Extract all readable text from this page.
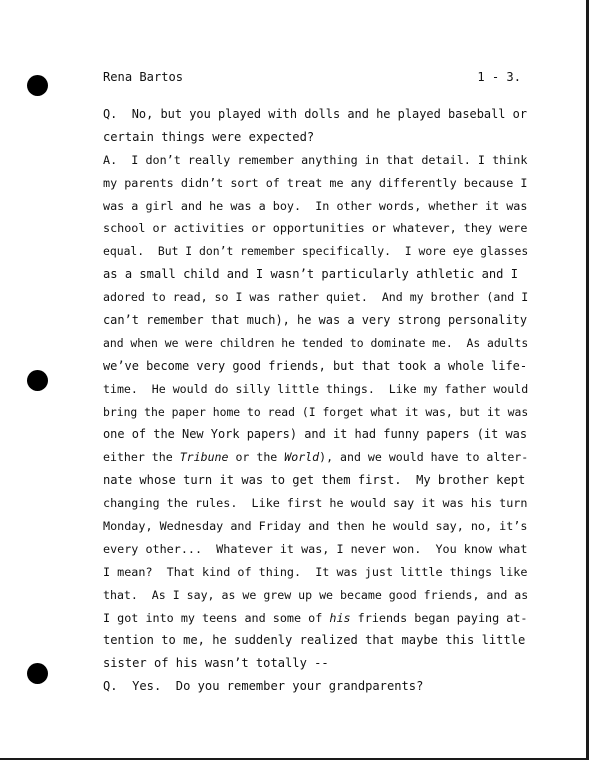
Rena Bartos	1 - 3.
Q.  No, but you played with dolls and he played baseball or
certain things were expected?
A.  I don’t really remember anything in that detail. I think
my parents didn’t sort of treat me any differently because I
was a girl and he was a boy.  In other words, whether it was
school or activities or opportunities or whatever, they were
equal.  But I don’t remember specifically.  I wore eye glasses
as a small child and I wasn’t particularly athletic and I
adored to read, so I was rather quiet.  And my brother (and I
can’t remember that much), he was a very strong personality
and when we were children he tended to dominate me.  As adults
we’ve become very good friends, but that took a whole life-
time.  He would do silly little things.  Like my father would
bring the paper home to read (I forget what it was, but it was
one of the New York papers) and it had funny papers (it was
either the Tribune or the World), and we would have to alter-
nate whose turn it was to get them first.  My brother kept
changing the rules.  Like first he would say it was his turn
Monday, Wednesday and Friday and then he would say, no, it’s
every other...  Whatever it was, I never won.  You know what
I mean?  That kind of thing.  It was just little things like
that.  As I say, as we grew up we became good friends, and as
I got into my teens and some of his friends began paying at-
tention to me, he suddenly realized that maybe this little
sister of his wasn’t totally --
Q.  Yes.  Do you remember your grandparents?
